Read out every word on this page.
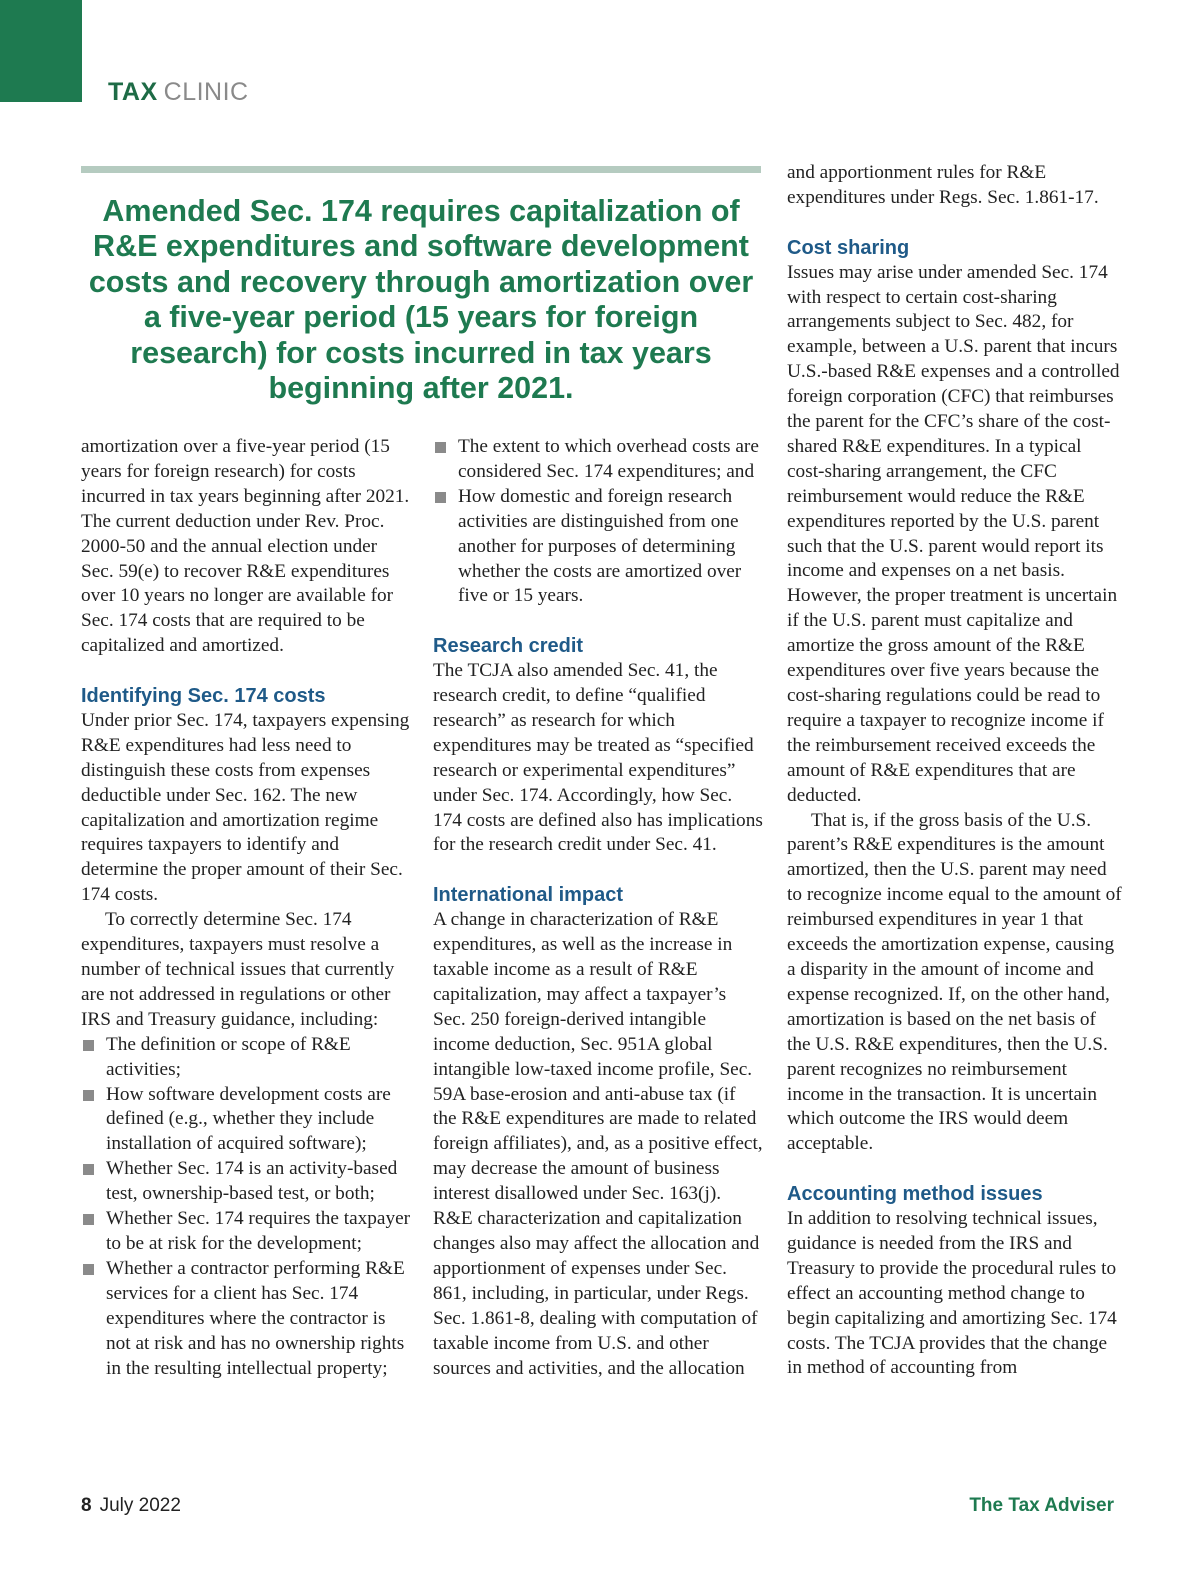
TAX CLINIC
Amended Sec. 174 requires capitalization of R&E expenditures and software development costs and recovery through amortization over a five-year period (15 years for foreign research) for costs incurred in tax years beginning after 2021.

amortization over a five-year period (15 years for foreign research) for costs incurred in tax years beginning after 2021. The current deduction under Rev. Proc. 2000-50 and the annual election under Sec. 59(e) to recover R&E expenditures over 10 years no longer are available for Sec. 174 costs that are required to be capitalized and amortized.

Identifying Sec. 174 costs

Under prior Sec. 174, taxpayers expensing R&E expenditures had less need to distinguish these costs from expenses deductible under Sec. 162. The new capitalization and amortization regime requires taxpayers to identify and determine the proper amount of their Sec. 174 costs.

To correctly determine Sec. 174 expenditures, taxpayers must resolve a number of technical issues that currently are not addressed in regulations or other IRS and Treasury guidance, including:

The definition or scope of R&E activities;
How software development costs are defined (e.g., whether they include installation of acquired software);
Whether Sec. 174 is an activity-based test, ownership-based test, or both;
Whether Sec. 174 requires the taxpayer to be at risk for the development;
Whether a contractor performing R&E services for a client has Sec. 174 expenditures where the contractor is not at risk and has no ownership rights in the resulting intellectual property;
The extent to which overhead costs are considered Sec. 174 expenditures; and
How domestic and foreign research activities are distinguished from one another for purposes of determining whether the costs are amortized over five or 15 years.
Research credit

The TCJA also amended Sec. 41, the research credit, to define “qualified research” as research for which expenditures may be treated as “specified research or experimental expenditures” under Sec. 174. Accordingly, how Sec. 174 costs are defined also has implications for the research credit under Sec. 41.

International impact

A change in characterization of R&E expenditures, as well as the increase in taxable income as a result of R&E capitalization, may affect a taxpayer’s Sec. 250 foreign-derived intangible income deduction, Sec. 951A global intangible low-taxed income profile, Sec. 59A base-erosion and anti-abuse tax (if the R&E expenditures are made to related foreign affiliates), and, as a positive effect, may decrease the amount of business interest disallowed under Sec. 163(j). R&E characterization and capitalization changes also may affect the allocation and apportionment of expenses under Sec. 861, including, in particular, under Regs. Sec. 1.861-8, dealing with computation of taxable income from U.S. and other sources and activities, and the allocation

and apportionment rules for R&E expenditures under Regs. Sec. 1.861-17.

Cost sharing

Issues may arise under amended Sec. 174 with respect to certain cost-sharing arrangements subject to Sec. 482, for example, between a U.S. parent that incurs U.S.-based R&E expenses and a controlled foreign corporation (CFC) that reimburses the parent for the CFC’s share of the cost-shared R&E expenditures. In a typical cost-sharing arrangement, the CFC reimbursement would reduce the R&E expenditures reported by the U.S. parent such that the U.S. parent would report its income and expenses on a net basis. However, the proper treatment is uncertain if the U.S. parent must capitalize and amortize the gross amount of the R&E expenditures over five years because the cost-sharing regulations could be read to require a taxpayer to recognize income if the reimbursement received exceeds the amount of R&E expenditures that are deducted.

That is, if the gross basis of the U.S. parent’s R&E expenditures is the amount amortized, then the U.S. parent may need to recognize income equal to the amount of reimbursed expenditures in year 1 that exceeds the amortization expense, causing a disparity in the amount of income and expense recognized. If, on the other hand, amortization is based on the net basis of the U.S. R&E expenditures, then the U.S. parent recognizes no reimbursement income in the transaction. It is uncertain which outcome the IRS would deem acceptable.

Accounting method issues

In addition to resolving technical issues, guidance is needed from the IRS and Treasury to provide the procedural rules to effect an accounting method change to begin capitalizing and amortizing Sec. 174 costs. The TCJA provides that the change in method of accounting from

8 July 2022	The Tax Adviser
